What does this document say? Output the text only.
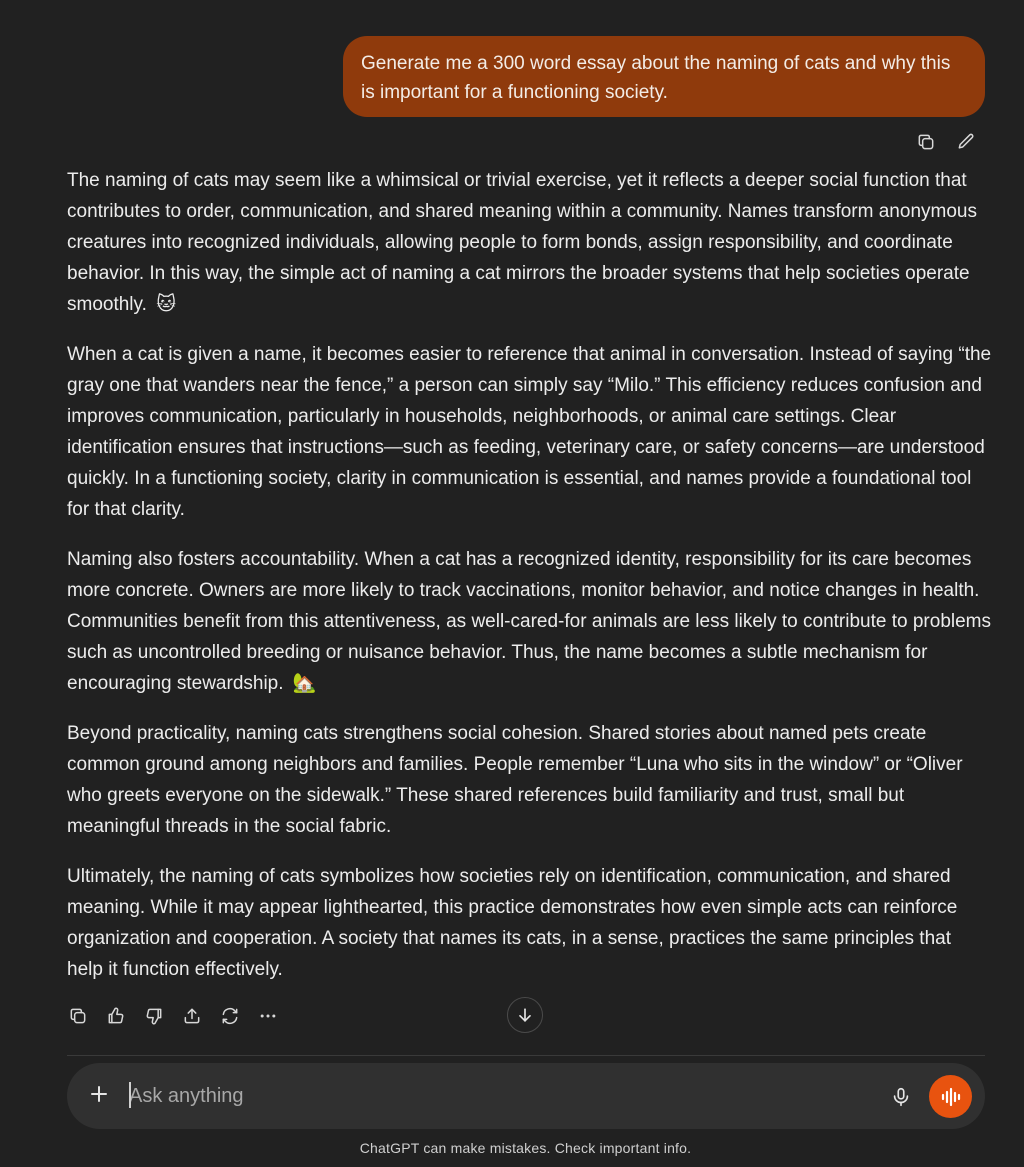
Generate me a 300 word essay about the naming of cats and why this is important for a functioning society.

The naming of cats may seem like a whimsical or trivial exercise, yet it reflects a deeper social function that contributes to order, communication, and shared meaning within a community. Names transform anonymous creatures into recognized individuals, allowing people to form bonds, assign responsibility, and coordinate behavior. In this way, the simple act of naming a cat mirrors the broader systems that help societies operate smoothly. 🐱

When a cat is given a name, it becomes easier to reference that animal in conversation. Instead of saying “the gray one that wanders near the fence,” a person can simply say “Milo.” This efficiency reduces confusion and improves communication, particularly in households, neighborhoods, or animal care settings. Clear identification ensures that instructions—such as feeding, veterinary care, or safety concerns—are understood quickly. In a functioning society, clarity in communication is essential, and names provide a foundational tool for that clarity.

Naming also fosters accountability. When a cat has a recognized identity, responsibility for its care becomes more concrete. Owners are more likely to track vaccinations, monitor behavior, and notice changes in health. Communities benefit from this attentiveness, as well-cared-for animals are less likely to contribute to problems such as uncontrolled breeding or nuisance behavior. Thus, the name becomes a subtle mechanism for encouraging stewardship. 🏡

Beyond practicality, naming cats strengthens social cohesion. Shared stories about named pets create common ground among neighbors and families. People remember “Luna who sits in the window” or “Oliver who greets everyone on the sidewalk.” These shared references build familiarity and trust, small but meaningful threads in the social fabric.

Ultimately, the naming of cats symbolizes how societies rely on identification, communication, and shared meaning. While it may appear lighthearted, this practice demonstrates how even simple acts can reinforce organization and cooperation. A society that names its cats, in a sense, practices the same principles that help it function effectively.

Ask anything
ChatGPT can make mistakes. Check important info.
